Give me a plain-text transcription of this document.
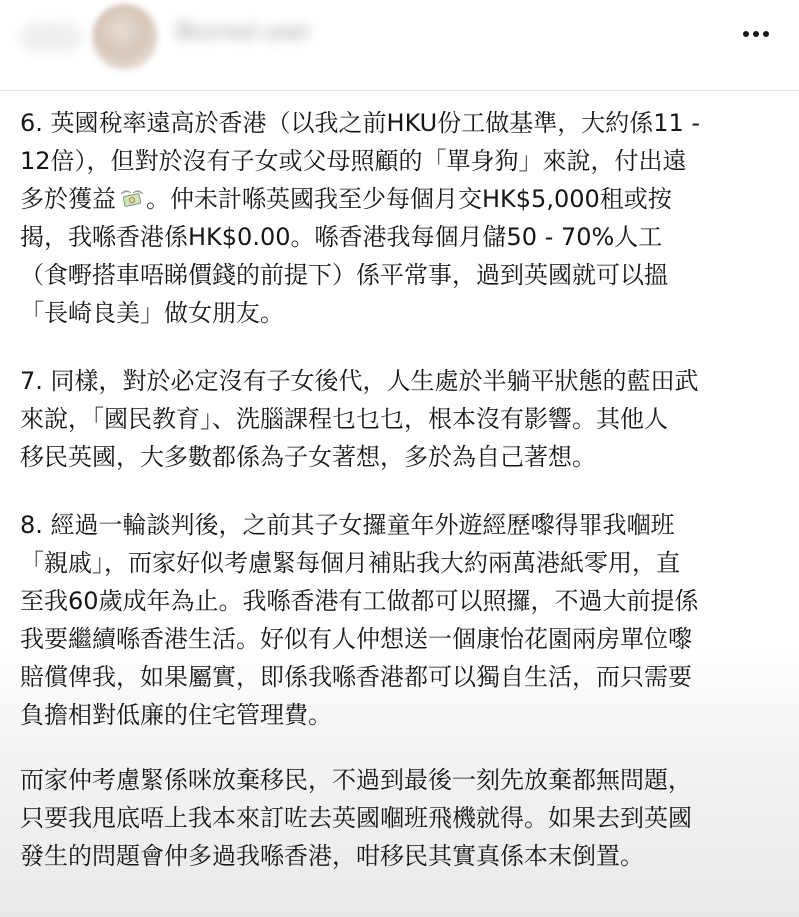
Blurred user

6. 英國稅率遠高於香港（以我之前HKU份工做基準，大約係11 -
12倍），但對於沒有子女或父母照顧的「單身狗」來說，付出遠
多於獲益 。仲未計喺英國我至少每個月交HK$5,000租或按
揭，我喺香港係HK$0.00。喺香港我每個月儲50 - 70%人工
（食嘢搭車唔睇價錢的前提下）係平常事，過到英國就可以搵
「長崎良美」做女朋友。

7. 同樣，對於必定沒有子女後代，人生處於半躺平狀態的藍田武
來說，「國民教育」、洗腦課程乜乜乜，根本沒有影響。其他人
移民英國，大多數都係為子女著想，多於為自己著想。

8. 經過一輪談判後，之前其子女攞童年外遊經歷嚟得罪我嗰班
「親戚」，而家好似考慮緊每個月補貼我大約兩萬港紙零用，直
至我60歲成年為止。我喺香港有工做都可以照攞，不過大前提係
我要繼續喺香港生活。好似有人仲想送一個康怡花園兩房單位嚟
賠償俾我，如果屬實，即係我喺香港都可以獨自生活，而只需要
負擔相對低廉的住宅管理費。

而家仲考慮緊係咪放棄移民，不過到最後一刻先放棄都無問題，
只要我甩底唔上我本來訂咗去英國嗰班飛機就得。如果去到英國
發生的問題會仲多過我喺香港，咁移民其實真係本末倒置。
